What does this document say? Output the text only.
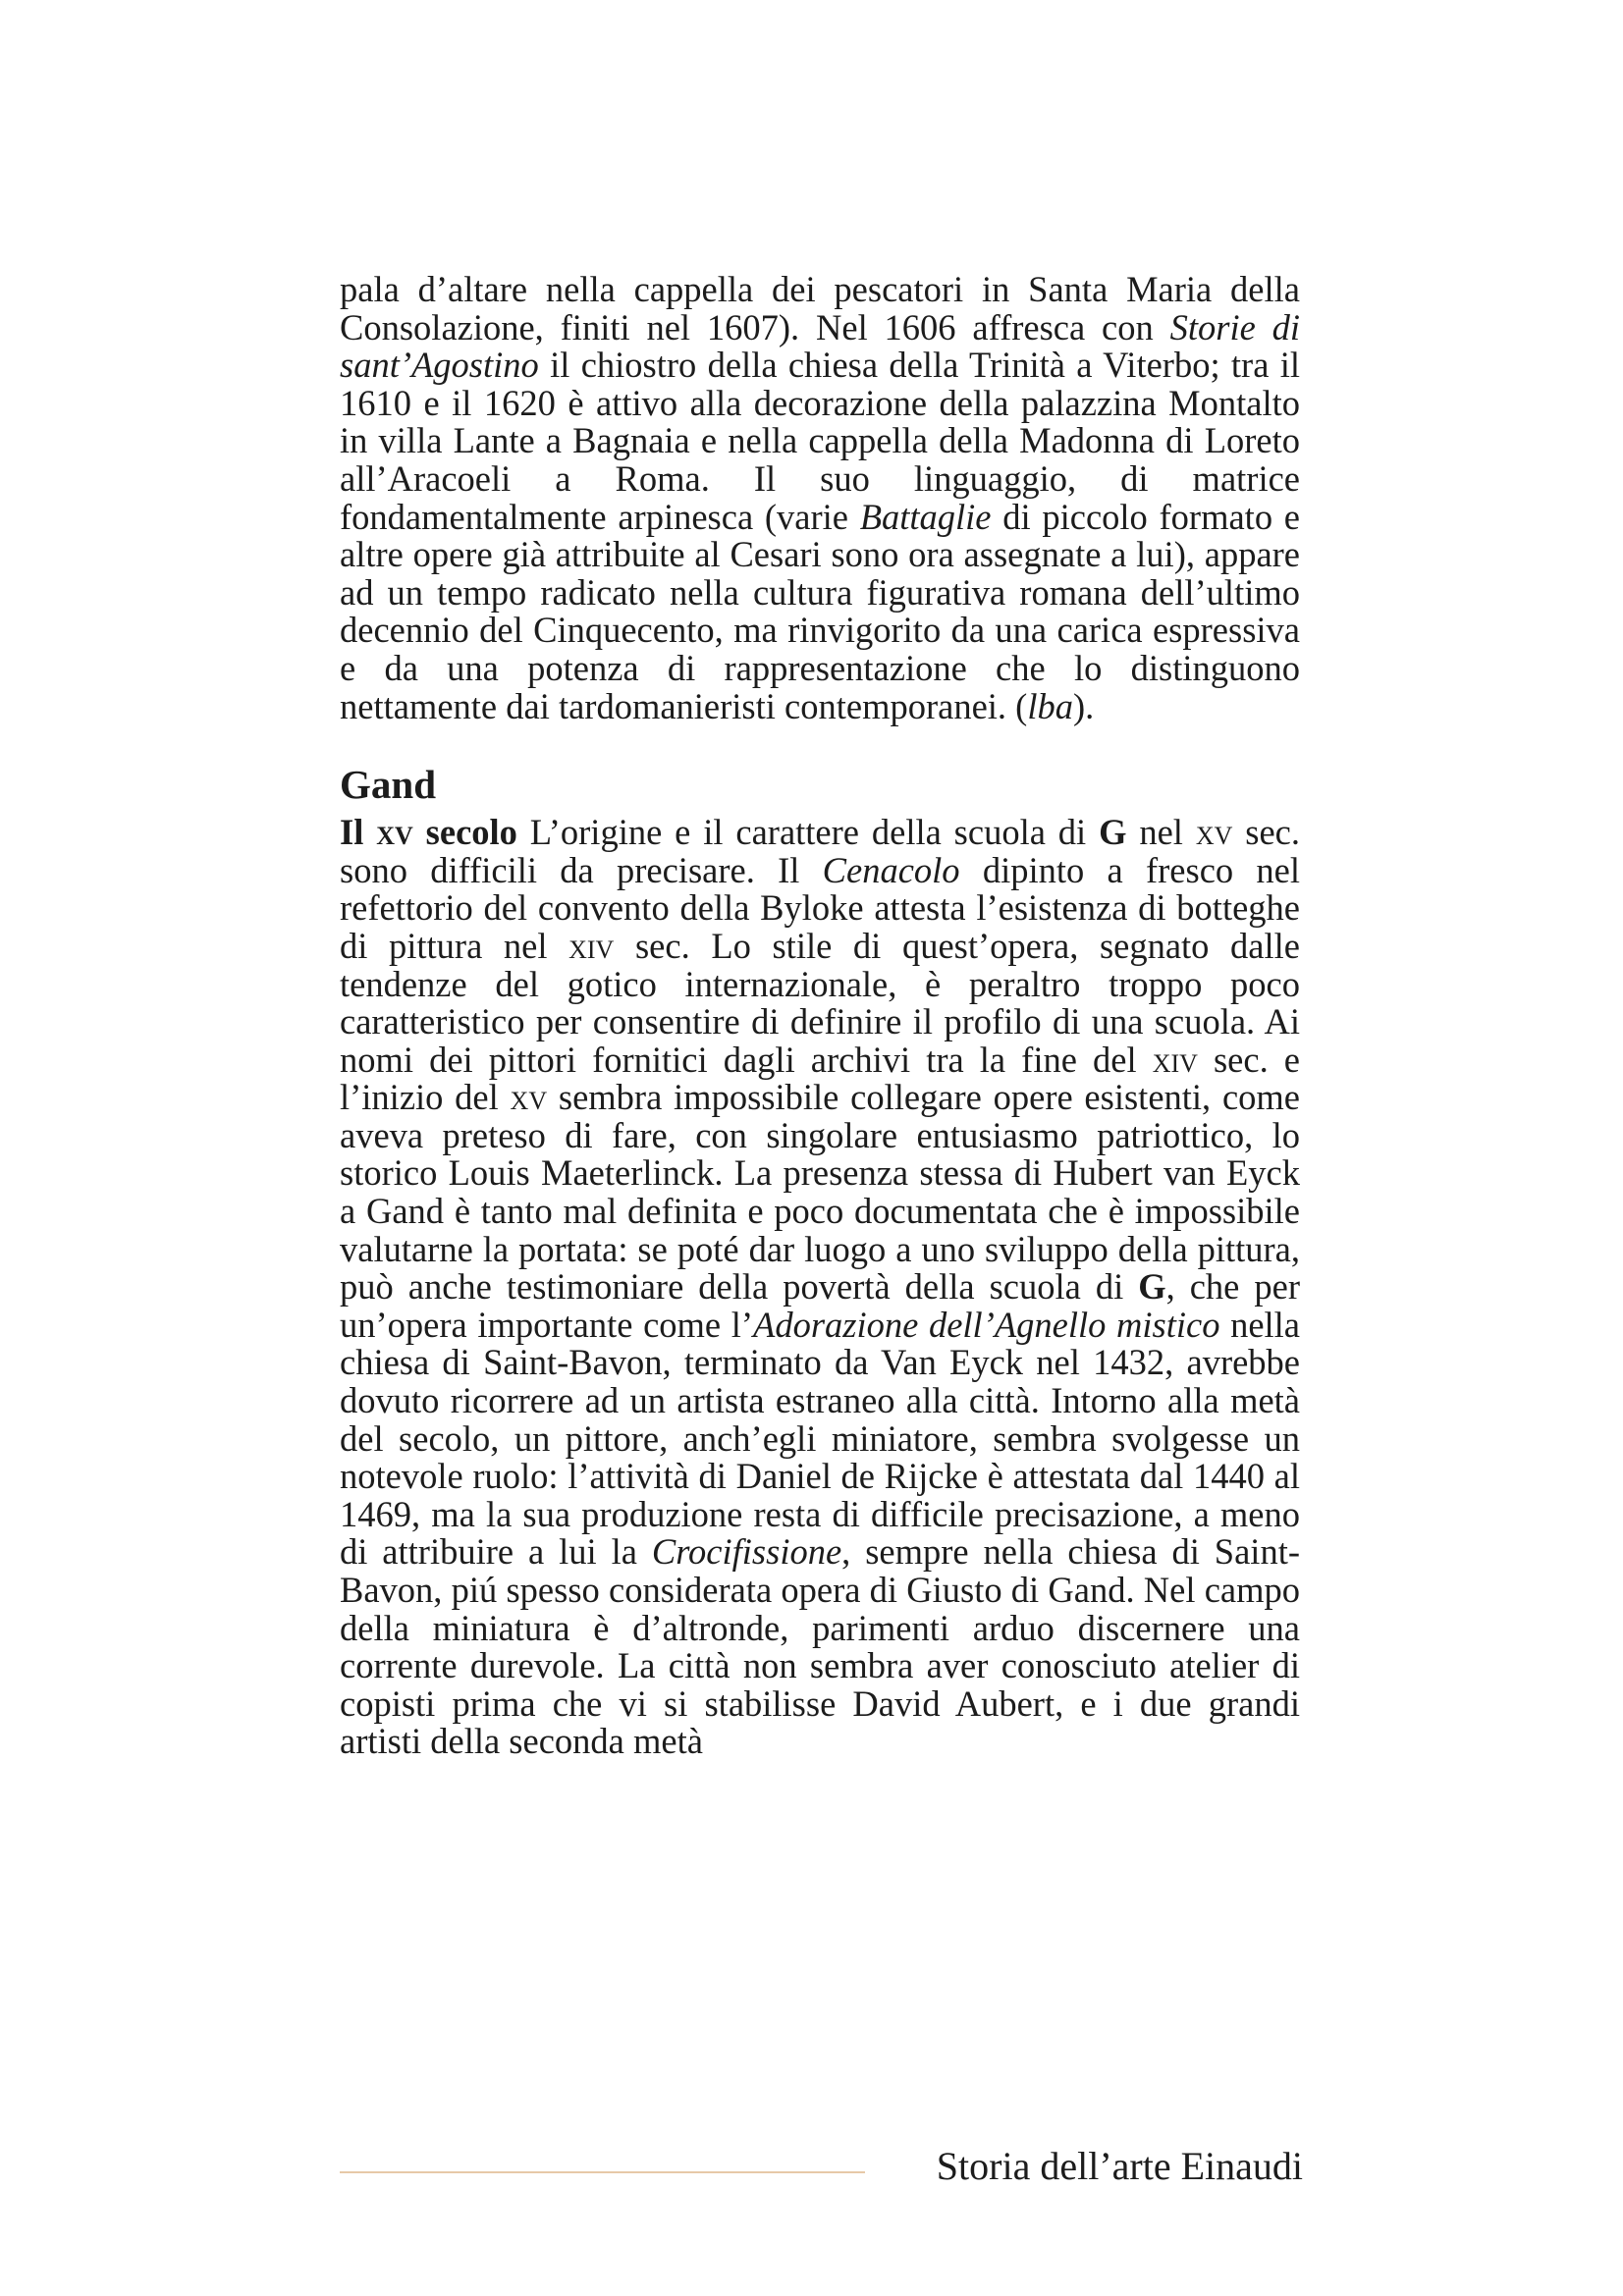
pala d’altare nella cappella dei pescatori in Santa Maria della Consolazione, finiti nel 1607). Nel 1606 affresca con Storie di sant’Agostino il chiostro della chiesa della Trinità a Viterbo; tra il 1610 e il 1620 è attivo alla decorazione della palazzina Montalto in villa Lante a Bagnaia e nella cappella della Madonna di Loreto all’Aracoeli a Roma. Il suo linguaggio, di matrice fondamentalmente arpinesca (varie Battaglie di piccolo formato e altre opere già attribuite al Cesari sono ora assegnate a lui), appare ad un tempo radicato nella cultura figurativa romana dell’ultimo decennio del Cinquecento, ma rinvigorito da una carica espressiva e da una potenza di rappresentazione che lo distinguono nettamente dai tardomanieristi contemporanei. (lba).

Gand

Il xv secolo L’origine e il carattere della scuola di G nel xv sec. sono difficili da precisare. Il Cenacolo dipinto a fresco nel refettorio del convento della Byloke attesta l’esistenza di botteghe di pittura nel xiv sec. Lo stile di quest’opera, segnato dalle tendenze del gotico internazionale, è peraltro troppo poco caratteristico per consentire di definire il profilo di una scuola. Ai nomi dei pittori fornitici dagli archivi tra la fine del xiv sec. e l’inizio del xv sembra impossibile collegare opere esistenti, come aveva preteso di fare, con singolare entusiasmo patriottico, lo storico Louis Maeterlinck. La presenza stessa di Hubert van Eyck a Gand è tanto mal definita e poco documentata che è impossibile valutarne la portata: se poté dar luogo a uno sviluppo della pittura, può anche testimoniare della povertà della scuola di G, che per un’opera importante come l’Adorazione dell’Agnello mistico nella chiesa di Saint-Bavon, terminato da Van Eyck nel 1432, avrebbe dovuto ricorrere ad un artista estraneo alla città. Intorno alla metà del secolo, un pittore, anch’egli miniatore, sembra svolgesse un notevole ruolo: l’attività di Daniel de Rijcke è attestata dal 1440 al 1469, ma la sua produzione resta di difficile precisazione, a meno di attribuire a lui la Crocifissione, sempre nella chiesa di Saint-Bavon, piú spesso considerata opera di Giusto di Gand. Nel campo della miniatura è d’altronde, parimenti arduo discernere una corrente durevole. La città non sembra aver conosciuto atelier di copisti prima che vi si stabilisse David Aubert, e i due grandi artisti della seconda metà

Storia dell’arte Einaudi
